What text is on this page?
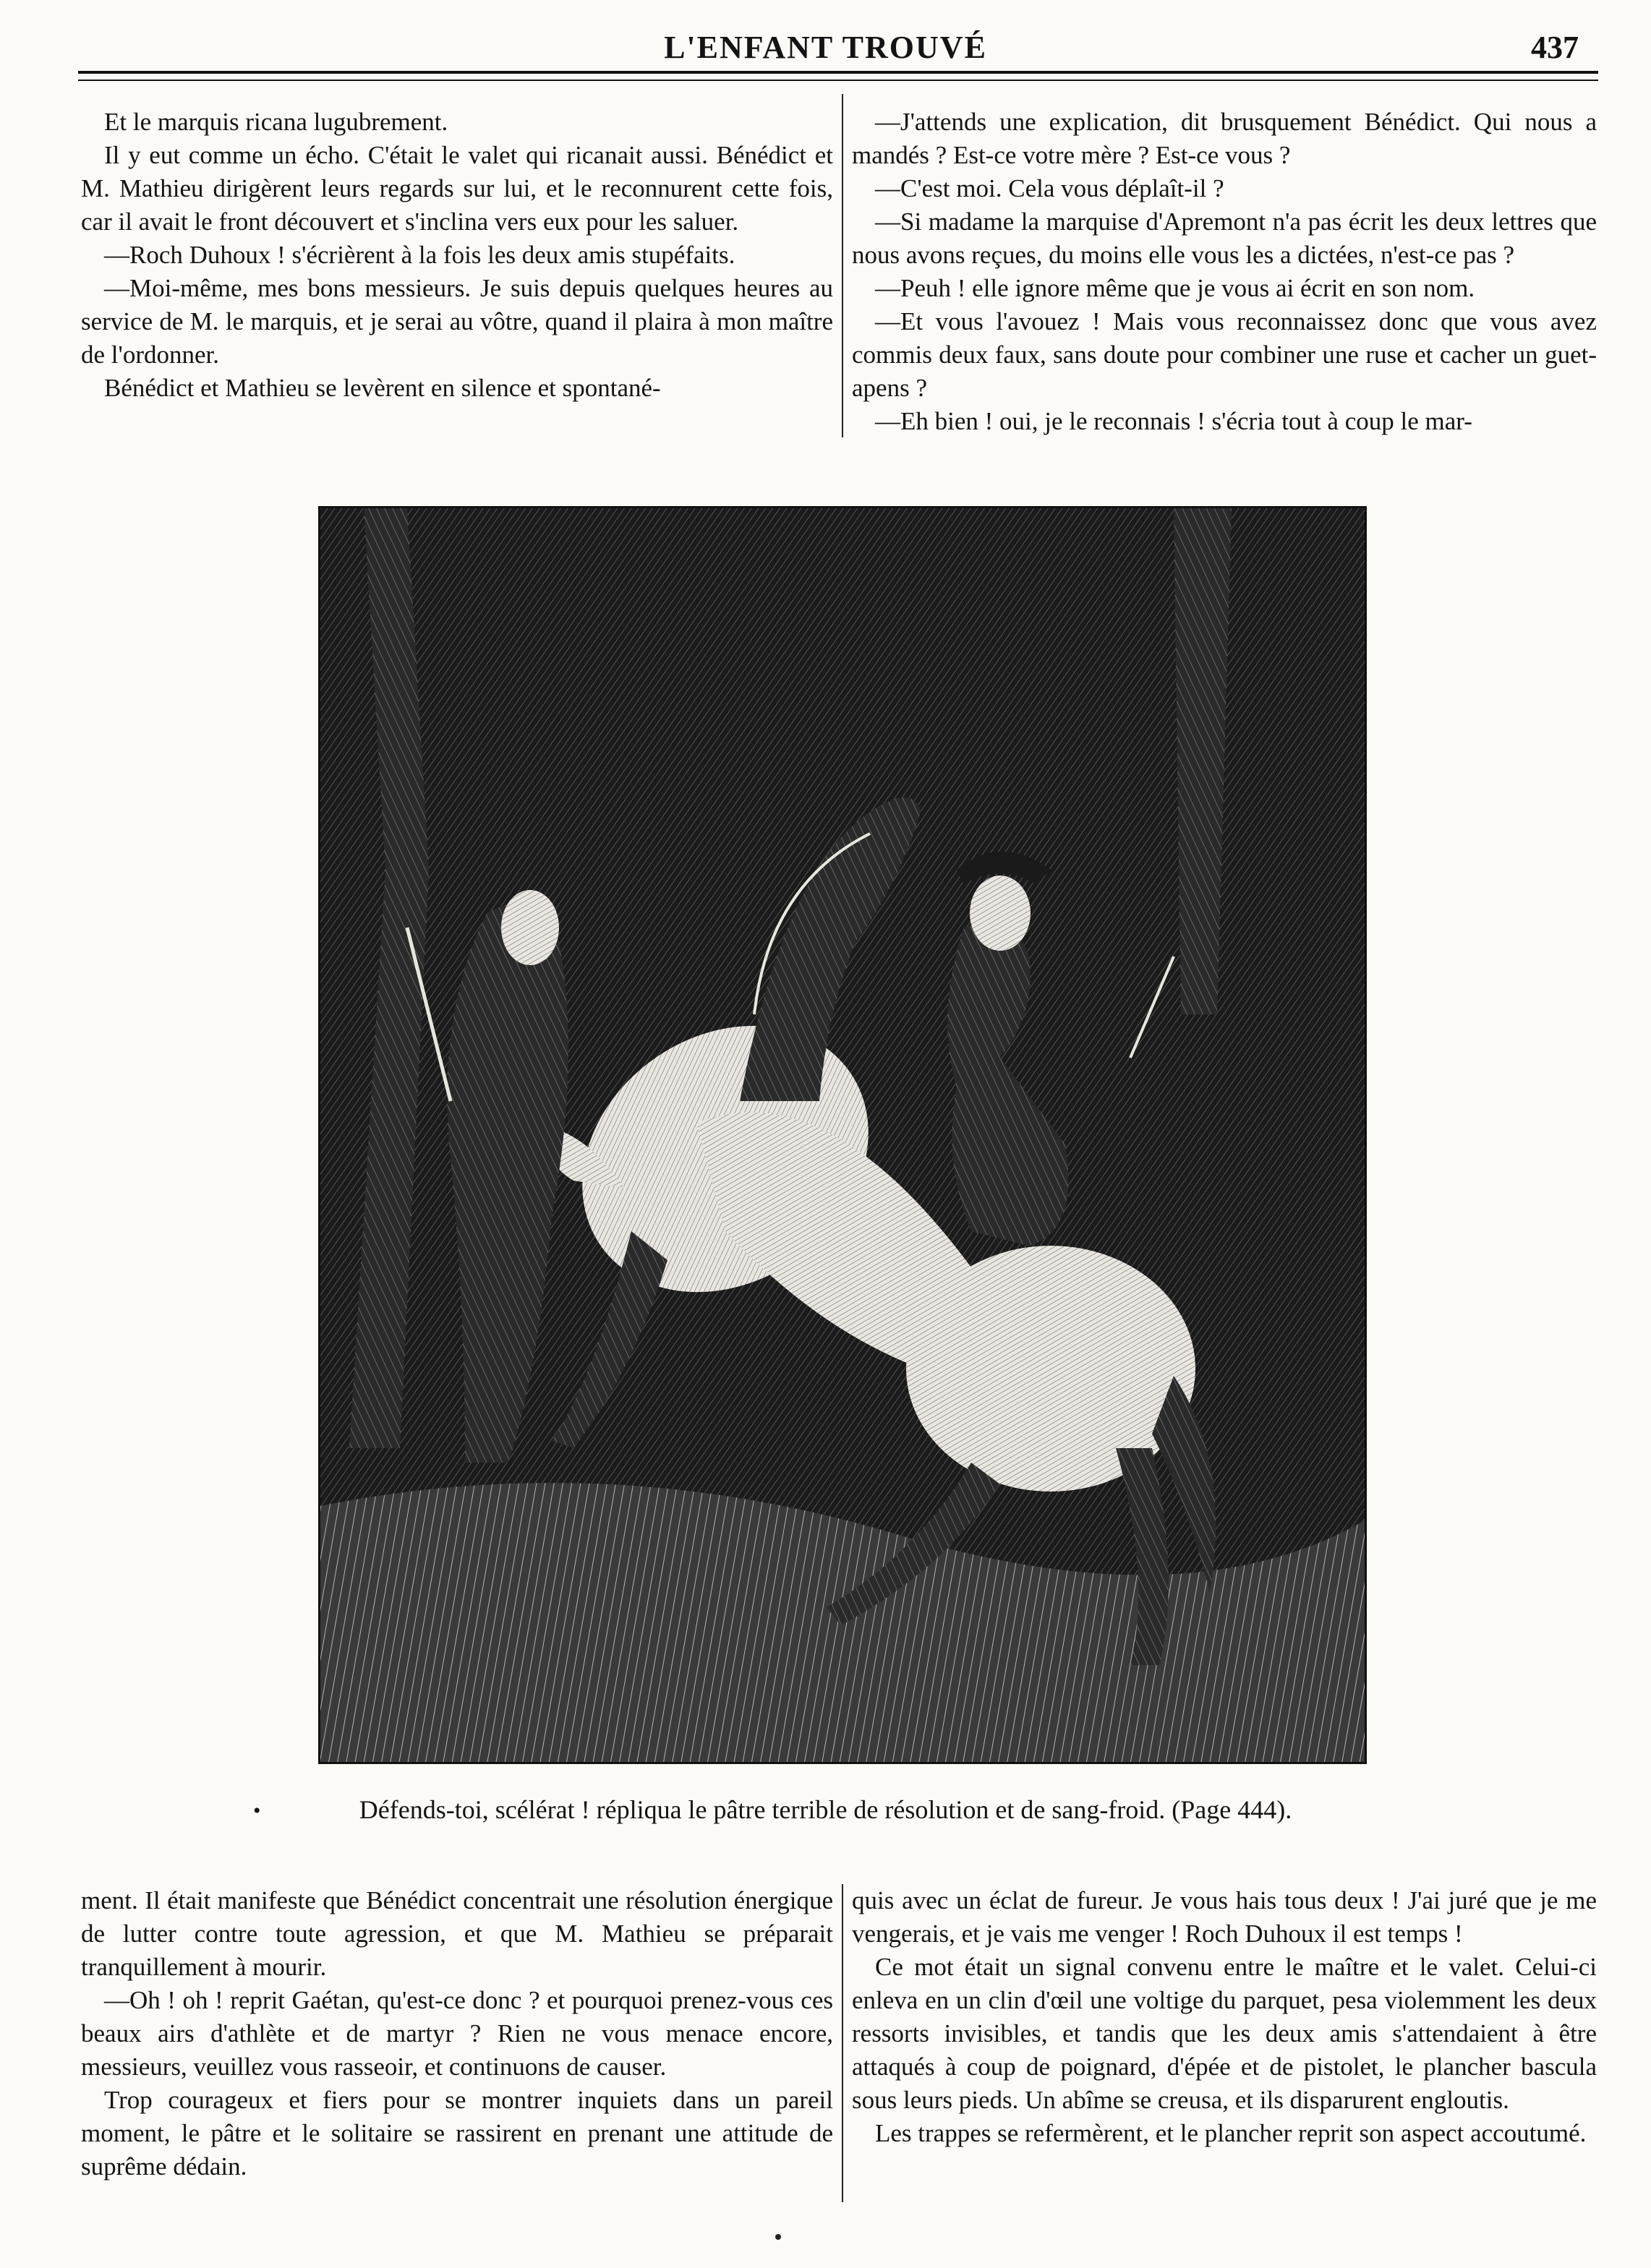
L'ENFANT TROUVÉ	437

Et le marquis ricana lugubrement.

Il y eut comme un écho. C'était le valet qui ricanait aussi. Bénédict et M. Mathieu dirigèrent leurs regards sur lui, et le reconnurent cette fois, car il avait le front découvert et s'inclina vers eux pour les saluer.

—Roch Duhoux ! s'écrièrent à la fois les deux amis stupéfaits.

—Moi-même, mes bons messieurs. Je suis depuis quelques heures au service de M. le marquis, et je serai au vôtre, quand il plaira à mon maître de l'ordonner.

Bénédict et Mathieu se levèrent en silence et spontané-

—J'attends une explication, dit brusquement Bénédict. Qui nous a mandés ? Est-ce votre mère ? Est-ce vous ?

—C'est moi. Cela vous déplaît-il ?

—Si madame la marquise d'Apremont n'a pas écrit les deux lettres que nous avons reçues, du moins elle vous les a dictées, n'est-ce pas ?

—Peuh ! elle ignore même que je vous ai écrit en son nom.

—Et vous l'avouez ! Mais vous reconnaissez donc que vous avez commis deux faux, sans doute pour combiner une ruse et cacher un guet-apens ?

—Eh bien ! oui, je le reconnais ! s'écria tout à coup le mar-

•	Défends-toi, scélérat ! répliqua le pâtre terrible de résolution et de sang-froid. (Page 444).

ment. Il était manifeste que Bénédict concentrait une résolution énergique de lutter contre toute agression, et que M. Mathieu se préparait tranquillement à mourir.

—Oh ! oh ! reprit Gaétan, qu'est-ce donc ? et pourquoi prenez-vous ces beaux airs d'athlète et de martyr ? Rien ne vous menace encore, messieurs, veuillez vous rasseoir, et continuons de causer.

Trop courageux et fiers pour se montrer inquiets dans un pareil moment, le pâtre et le solitaire se rassirent en prenant une attitude de suprême dédain.

quis avec un éclat de fureur. Je vous hais tous deux ! J'ai juré que je me vengerais, et je vais me venger ! Roch Duhoux il est temps !

Ce mot était un signal convenu entre le maître et le valet. Celui-ci enleva en un clin d'œil une voltige du parquet, pesa violemment les deux ressorts invisibles, et tandis que les deux amis s'attendaient à être attaqués à coup de poignard, d'épée et de pistolet, le plancher bascula sous leurs pieds. Un abîme se creusa, et ils disparurent engloutis.

Les trappes se refermèrent, et le plancher reprit son aspect accoutumé.
